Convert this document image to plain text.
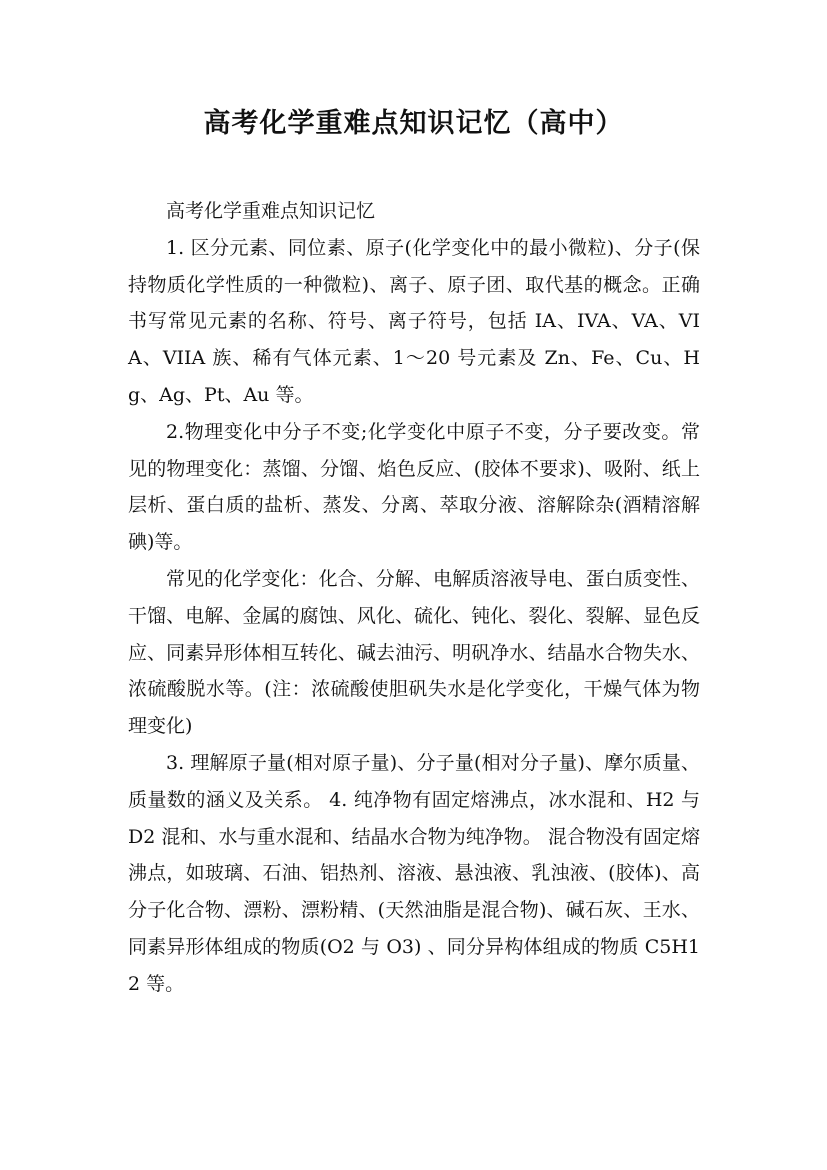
高考化学重难点知识记忆（高中）

高考化学重难点知识记忆

1. 区分元素、同位素、原子(化学变化中的最小微粒)、分子(保持物质化学性质的一种微粒)、离子、原子团、取代基的概念。正确书写常见元素的名称、符号、离子符号，包括 IA、IVA、VA、VIA、VIIA 族、稀有气体元素、1～20 号元素及 Zn、Fe、Cu、Hg、Ag、Pt、Au 等。

2.物理变化中分子不变;化学变化中原子不变，分子要改变。常见的物理变化：蒸馏、分馏、焰色反应、(胶体不要求)、吸附、纸上层析、蛋白质的盐析、蒸发、分离、萃取分液、溶解除杂(酒精溶解碘)等。

常见的化学变化：化合、分解、电解质溶液导电、蛋白质变性、干馏、电解、金属的腐蚀、风化、硫化、钝化、裂化、裂解、显色反应、同素异形体相互转化、碱去油污、明矾净水、结晶水合物失水、浓硫酸脱水等。(注：浓硫酸使胆矾失水是化学变化，干燥气体为物理变化)

3. 理解原子量(相对原子量)、分子量(相对分子量)、摩尔质量、质量数的涵义及关系。 4. 纯净物有固定熔沸点，冰水混和、H2 与 D2 混和、水与重水混和、结晶水合物为纯净物。 混合物没有固定熔沸点，如玻璃、石油、铝热剂、溶液、悬浊液、乳浊液、(胶体)、高分子化合物、漂粉、漂粉精、(天然油脂是混合物)、碱石灰、王水、同素异形体组成的物质(O2 与 O3) 、同分异构体组成的物质 C5H12 等。
